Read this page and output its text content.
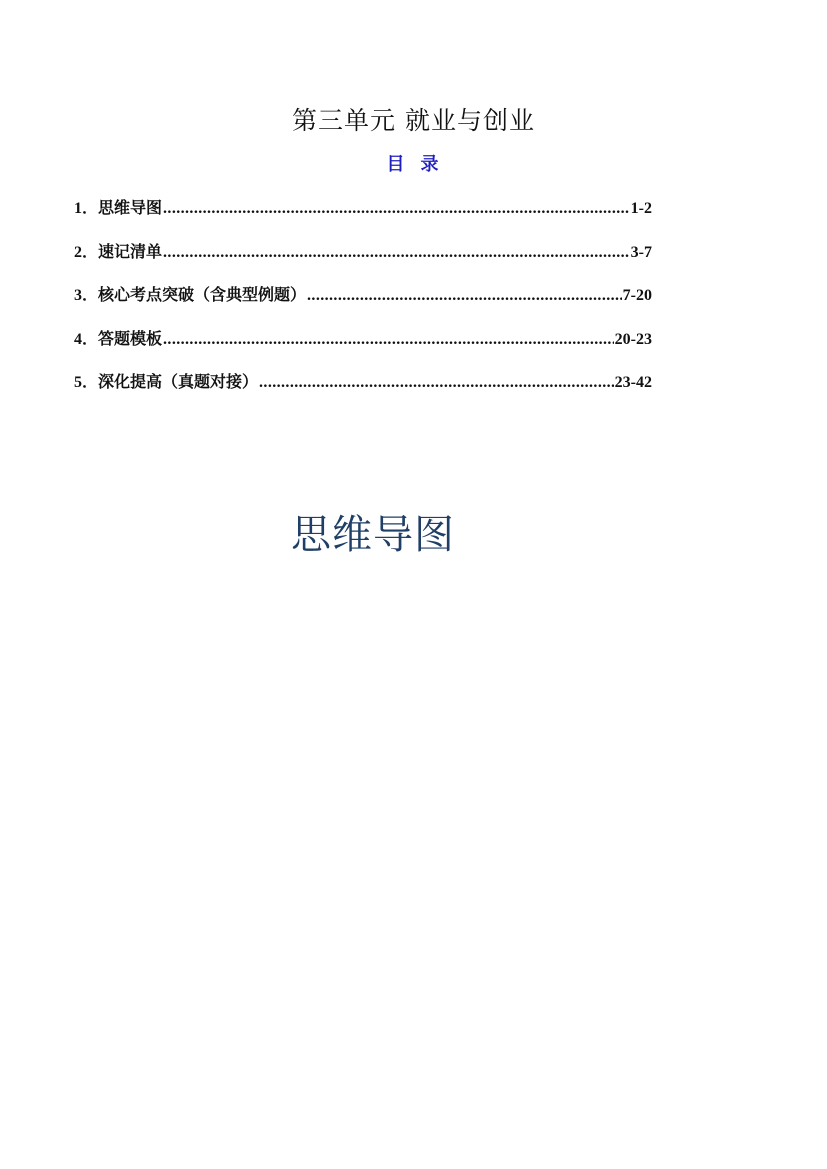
第三单元 就业与创业
目 录
1． 思维导图 .....	1-2
2． 速记清单 .....	3-7
3． 核心考点突破（含典型例题） .....	7-20
4． 答题模板 .....	20-23
5． 深化提高（真题对接） .....	23-42
思维导图
